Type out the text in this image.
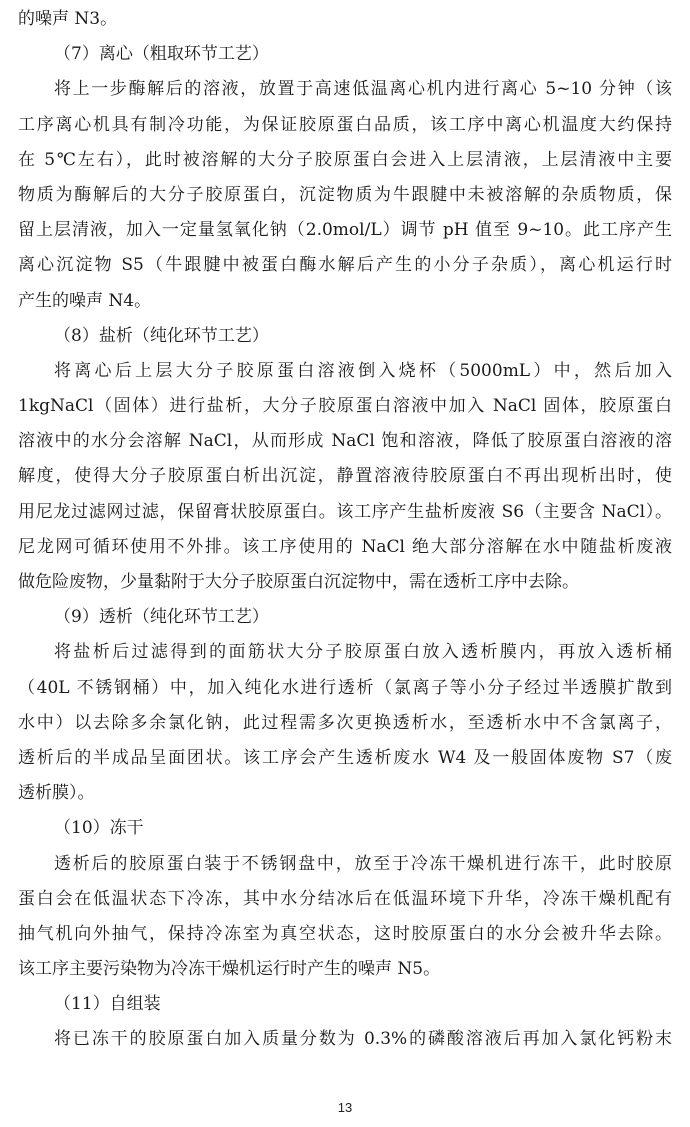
的噪声 N3。
（7）离心（粗取环节工艺）
将上一步酶解后的溶液，放置于高速低温离心机内进行离心 5~10 分钟（该
工序离心机具有制冷功能，为保证胶原蛋白品质，该工序中离心机温度大约保持
在 5℃左右），此时被溶解的大分子胶原蛋白会进入上层清液，上层清液中主要
物质为酶解后的大分子胶原蛋白，沉淀物质为牛跟腱中未被溶解的杂质物质，保
留上层清液，加入一定量氢氧化钠（2.0mol/L）调节 pH 值至 9~10。此工序产生
离心沉淀物 S5（牛跟腱中被蛋白酶水解后产生的小分子杂质），离心机运行时
产生的噪声 N4。
（8）盐析（纯化环节工艺）
将离心后上层大分子胶原蛋白溶液倒入烧杯（5000mL）中，然后加入
1kgNaCl（固体）进行盐析，大分子胶原蛋白溶液中加入 NaCl 固体，胶原蛋白
溶液中的水分会溶解 NaCl，从而形成 NaCl 饱和溶液，降低了胶原蛋白溶液的溶
解度，使得大分子胶原蛋白析出沉淀，静置溶液待胶原蛋白不再出现析出时，使
用尼龙过滤网过滤，保留膏状胶原蛋白。该工序产生盐析废液 S6（主要含 NaCl）。
尼龙网可循环使用不外排。该工序使用的 NaCl 绝大部分溶解在水中随盐析废液
做危险废物，少量黏附于大分子胶原蛋白沉淀物中，需在透析工序中去除。
（9）透析（纯化环节工艺）
将盐析后过滤得到的面筋状大分子胶原蛋白放入透析膜内，再放入透析桶
（40L 不锈钢桶）中，加入纯化水进行透析（氯离子等小分子经过半透膜扩散到
水中）以去除多余氯化钠，此过程需多次更换透析水，至透析水中不含氯离子，
透析后的半成品呈面团状。该工序会产生透析废水 W4 及一般固体废物 S7（废
透析膜）。
（10）冻干
透析后的胶原蛋白装于不锈钢盘中，放至于冷冻干燥机进行冻干，此时胶原
蛋白会在低温状态下冷冻，其中水分结冰后在低温环境下升华，冷冻干燥机配有
抽气机向外抽气，保持冷冻室为真空状态，这时胶原蛋白的水分会被升华去除。
该工序主要污染物为冷冻干燥机运行时产生的噪声 N5。
（11）自组装
将已冻干的胶原蛋白加入质量分数为 0.3%的磷酸溶液后再加入氯化钙粉末
13
